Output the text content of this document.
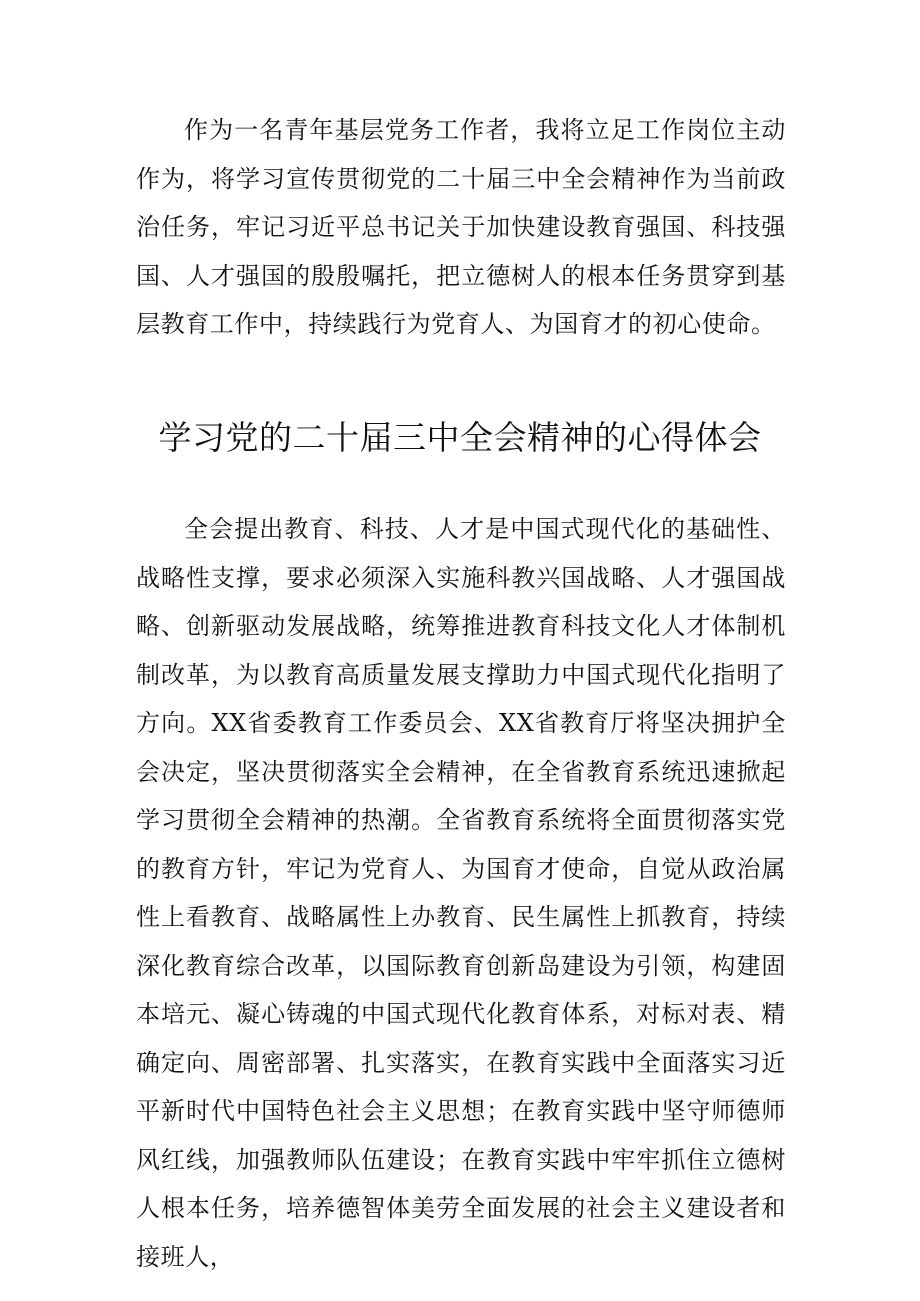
作为一名青年基层党务工作者，我将立足工作岗位主动作为，将学习宣传贯彻党的二十届三中全会精神作为当前政治任务，牢记习近平总书记关于加快建设教育强国、科技强国、人才强国的殷殷嘱托，把立德树人的根本任务贯穿到基层教育工作中，持续践行为党育人、为国育才的初心使命。

学习党的二十届三中全会精神的心得体会

全会提出教育、科技、人才是中国式现代化的基础性、战略性支撑，要求必须深入实施科教兴国战略、人才强国战略、创新驱动发展战略，统筹推进教育科技文化人才体制机制改革，为以教育高质量发展支撑助力中国式现代化指明了方向。XX省委教育工作委员会、XX省教育厅将坚决拥护全会决定，坚决贯彻落实全会精神，在全省教育系统迅速掀起学习贯彻全会精神的热潮。全省教育系统将全面贯彻落实党的教育方针，牢记为党育人、为国育才使命，自觉从政治属性上看教育、战略属性上办教育、民生属性上抓教育，持续深化教育综合改革，以国际教育创新岛建设为引领，构建固本培元、凝心铸魂的中国式现代化教育体系，对标对表、精确定向、周密部署、扎实落实，在教育实践中全面落实习近平新时代中国特色社会主义思想；在教育实践中坚守师德师风红线，加强教师队伍建设；在教育实践中牢牢抓住立德树人根本任务，培养德智体美劳全面发展的社会主义建设者和接班人，
